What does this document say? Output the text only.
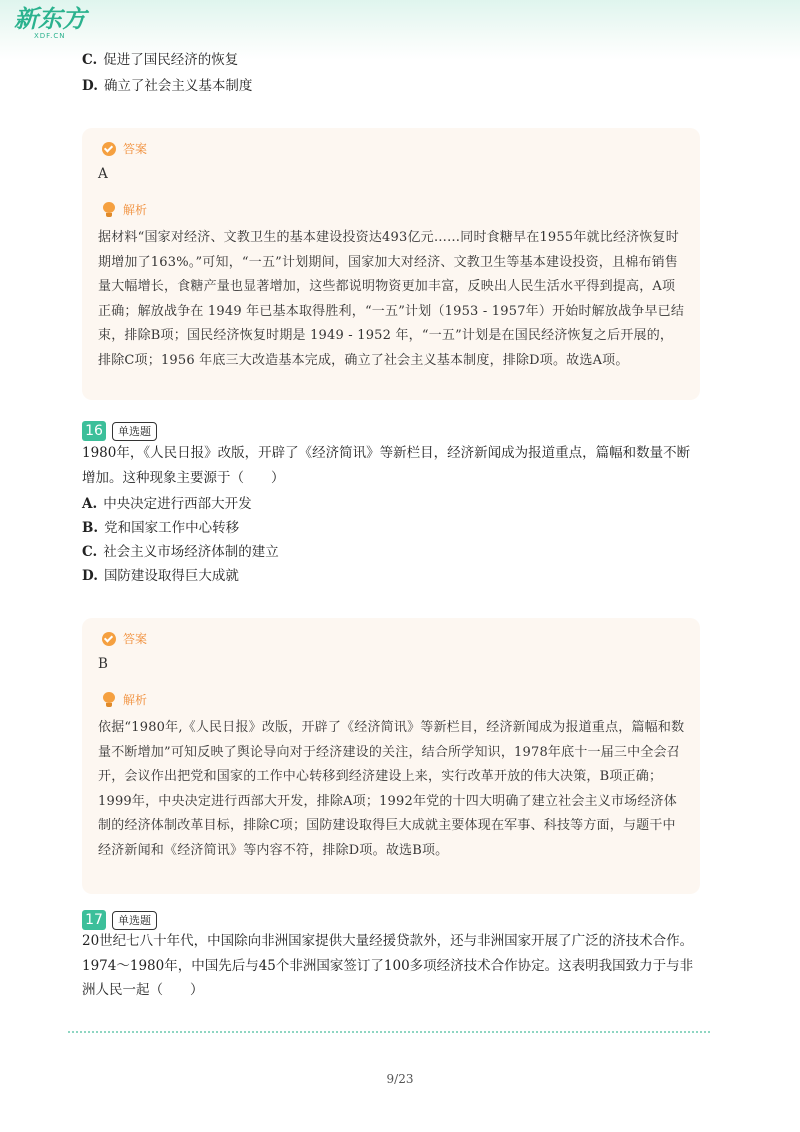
新东方
XDF.CN
C. 促进了国民经济的恢复
D. 确立了社会主义基本制度
答案
A
解析
据材料“国家对经济、文教卫生的基本建设投资达493亿元……同时食糖早在1955年就比经济恢复时期增加了163%。”可知，“一五”计划期间，国家加大对经济、文教卫生等基本建设投资，且棉布销售量大幅增长，食糖产量也显著增加，这些都说明物资更加丰富，反映出人民生活水平得到提高，A项正确；解放战争在 1949 年已基本取得胜利，“一五”计划（1953 - 1957年）开始时解放战争早已结束，排除B项；国民经济恢复时期是 1949 - 1952 年，“一五”计划是在国民经济恢复之后开展的，排除C项；1956 年底三大改造基本完成，确立了社会主义基本制度，排除D项。故选A项。
16	单选题
1980年，《人民日报》改版，开辟了《经济简讯》等新栏目，经济新闻成为报道重点，篇幅和数量不断增加。这种现象主要源于（　　）
A. 中央决定进行西部大开发
B. 党和国家工作中心转移
C. 社会主义市场经济体制的建立
D. 国防建设取得巨大成就
答案
B
解析
依据“1980年,《人民日报》改版，开辟了《经济简讯》等新栏目，经济新闻成为报道重点，篇幅和数量不断增加”可知反映了舆论导向对于经济建设的关注，结合所学知识，1978年底十一届三中全会召开，会议作出把党和国家的工作中心转移到经济建设上来，实行改革开放的伟大决策，B项正确；1999年，中央决定进行西部大开发，排除A项；1992年党的十四大明确了建立社会主义市场经济体制的经济体制改革目标，排除C项；国防建设取得巨大成就主要体现在军事、科技等方面，与题干中经济新闻和《经济简讯》等内容不符，排除D项。故选B项。
17	单选题
20世纪七八十年代，中国除向非洲国家提供大量经援贷款外，还与非洲国家开展了广泛的济技术合作。1974～1980年，中国先后与45个非洲国家签订了100多项经济技术合作协定。这表明我国致力于与非洲人民一起（　　）
9/23
